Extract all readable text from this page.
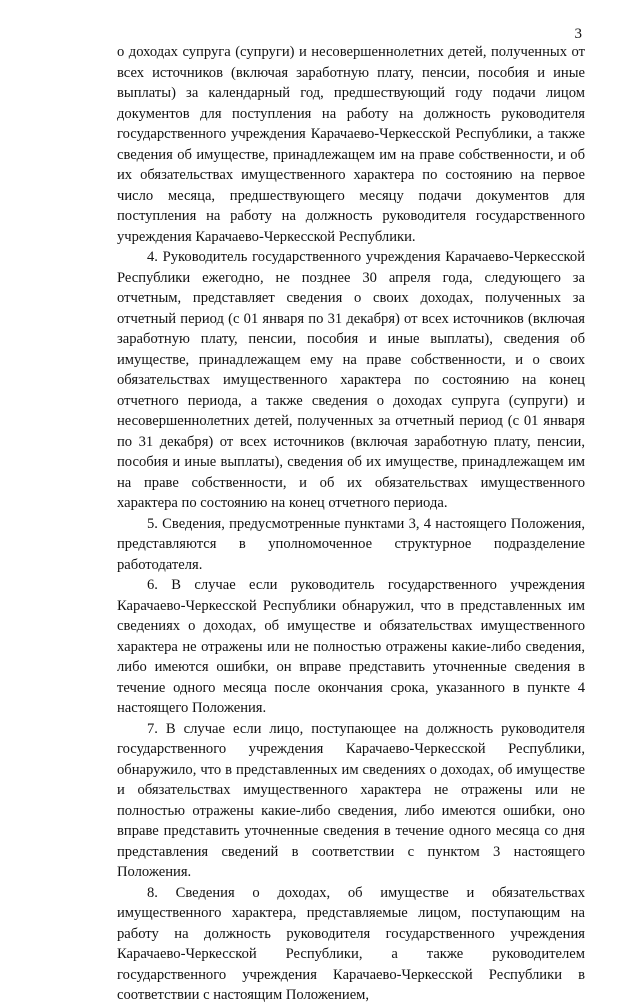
3

о доходах супруга (супруги) и несовершеннолетних детей, полученных от всех источников (включая заработную плату, пенсии, пособия и иные выплаты) за календарный год, предшествующий году подачи лицом документов для поступления на работу на должность руководителя государственного учреждения Карачаево-Черкесской Республики, а также сведения об имуществе, принадлежащем им на праве собственности, и об их обязательствах имущественного характера по состоянию на первое число месяца, предшествующего месяцу подачи документов для поступления на работу на должность руководителя государственного учреждения Карачаево-Черкесской Республики.

4. Руководитель государственного учреждения Карачаево-Черкесской Республики ежегодно, не позднее 30 апреля года, следующего за отчетным, представляет сведения о своих доходах, полученных за отчетный период (с 01 января по 31 декабря) от всех источников (включая заработную плату, пенсии, пособия и иные выплаты), сведения об имуществе, принадлежащем ему на праве собственности, и о своих обязательствах имущественного характера по состоянию на конец отчетного периода, а также сведения о доходах супруга (супруги) и несовершеннолетних детей, полученных за отчетный период (с 01 января по 31 декабря) от всех источников (включая заработную плату, пенсии, пособия и иные выплаты), сведения об их имуществе, принадлежащем им на праве собственности, и об их обязательствах имущественного характера по состоянию на конец отчетного периода.

5. Сведения, предусмотренные пунктами 3, 4 настоящего Положения, представляются в уполномоченное структурное подразделение работодателя.

6. В случае если руководитель государственного учреждения Карачаево-Черкесской Республики обнаружил, что в представленных им сведениях о доходах, об имуществе и обязательствах имущественного характера не отражены или не полностью отражены какие-либо сведения, либо имеются ошибки, он вправе представить уточненные сведения в течение одного месяца после окончания срока, указанного в пункте 4 настоящего Положения.

7. В случае если лицо, поступающее на должность руководителя государственного учреждения Карачаево-Черкесской Республики, обнаружило, что в представленных им сведениях о доходах, об имуществе и обязательствах имущественного характера не отражены или не полностью отражены какие-либо сведения, либо имеются ошибки, оно вправе представить уточненные сведения в течение одного месяца со дня представления сведений в соответствии с пунктом 3 настоящего Положения.

8. Сведения о доходах, об имуществе и обязательствах имущественного характера, представляемые лицом, поступающим на работу на должность руководителя государственного учреждения Карачаево-Черкесской Республики, а также руководителем государственного учреждения Карачаево-Черкесской Республики в соответствии с настоящим Положением,
